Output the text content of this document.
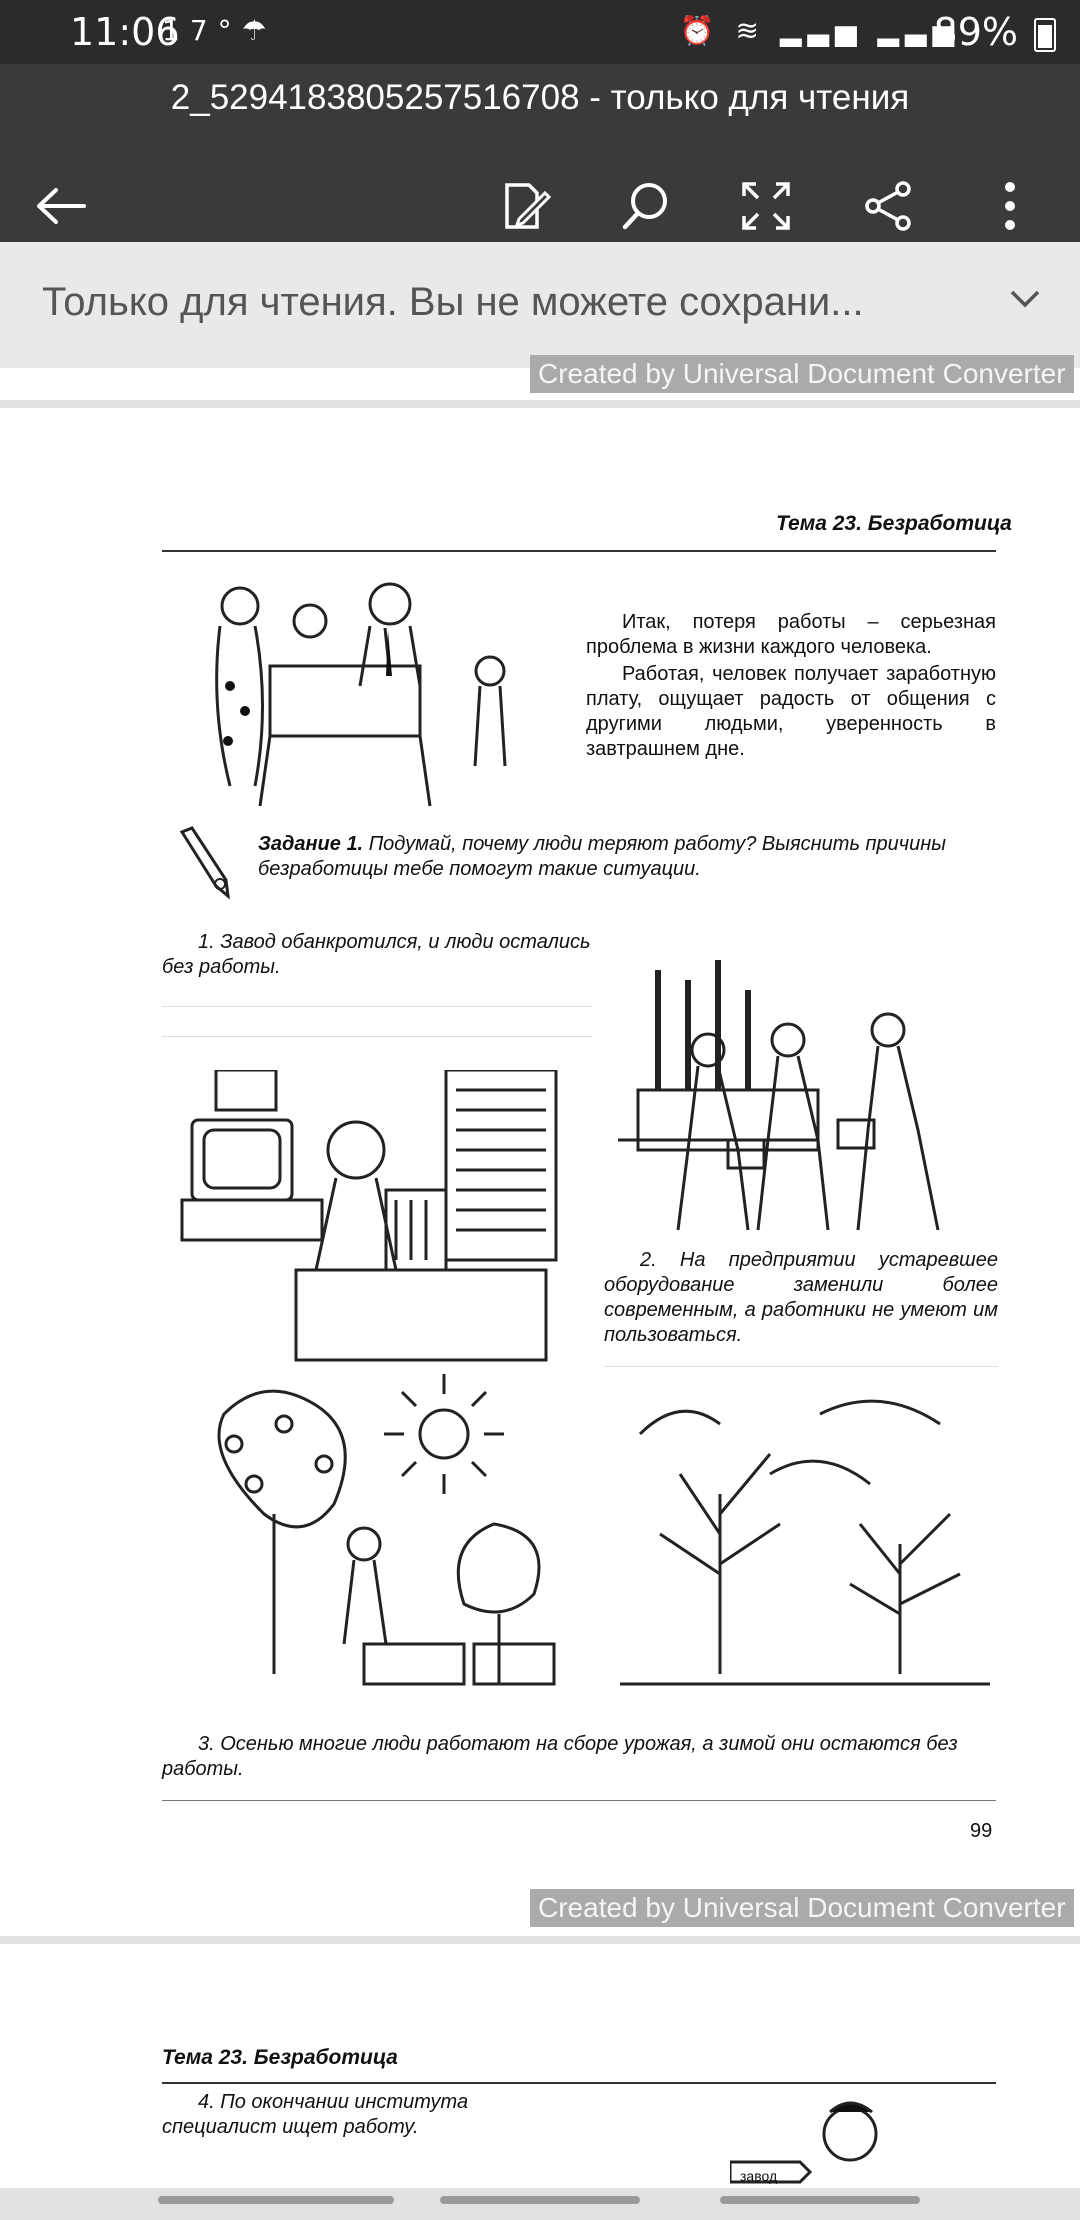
11:06
17°☂	⏰ ≋ ▂▃▅ ▂▃▅
89%
2_5294183805257516708 - только для чтения
Только для чтения. Вы не можете сохрани...
Created by Universal Document Converter
Тема 23. Безработица
Итак, потеря работы – серьезная проблема в жизни каждого человека.
Работая, человек получает заработную плату, ощущает радость от общения с другими людьми, уверенность в завтрашнем дне.
Задание 1. Подумай, почему люди теряют работу? Выяснить причины безработицы тебе помогут такие ситуации.
1. Завод обанкротился, и люди остались без работы.
2. На предприятии устаревшее оборудование заменили более современным, а работники не умеют им пользоваться.
3. Осенью многие люди работают на сборе урожая, а зимой они остаются без работы.
99
Created by Universal Document Converter
Тема 23. Безработица
4. По окончании института специалист ищет работу.
завод
